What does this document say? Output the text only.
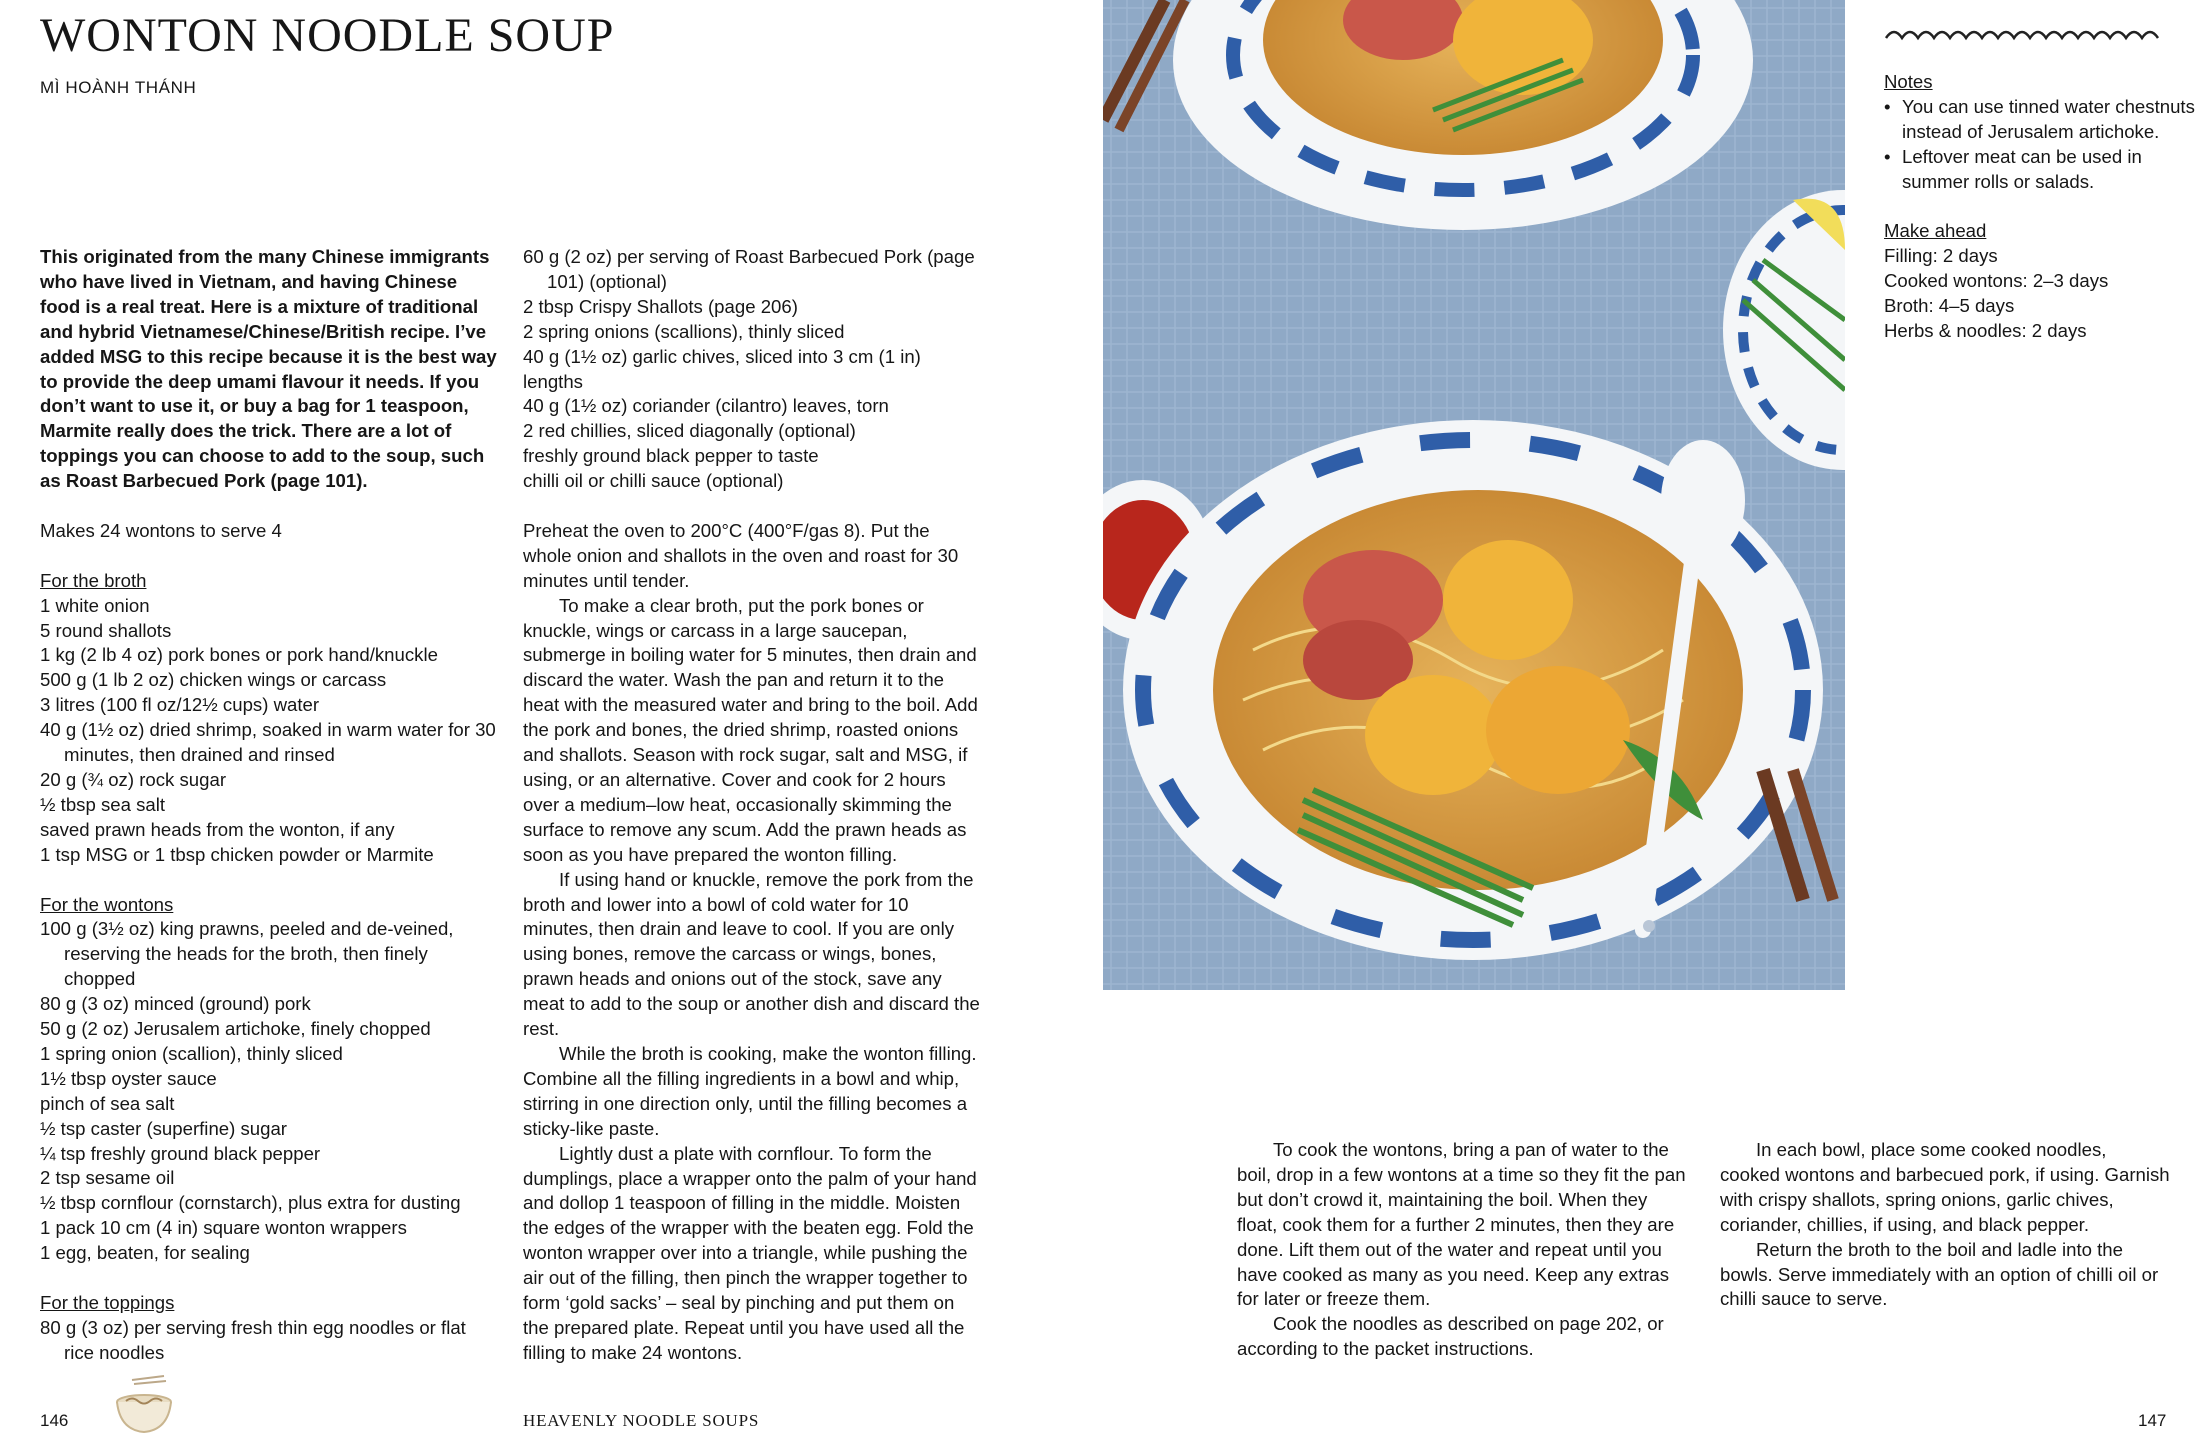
WONTON NOODLE SOUP
MÌ HOÀNH THÁNH

This originated from the many Chinese immigrants who have lived in Vietnam, and having Chinese food is a real treat. Here is a mixture of traditional and hybrid Vietnamese/Chinese/British recipe. I’ve added MSG to this recipe because it is the best way to provide the deep umami flavour it needs. If you don’t want to use it, or buy a bag for 1 teaspoon, Marmite really does the trick. There are a lot of toppings you can choose to add to the soup, such as Roast Barbecued Pork (page 101).

Makes 24 wontons to serve 4

For the broth

1 white onion

5 round shallots

1 kg (2 lb 4 oz) pork bones or pork hand/knuckle

500 g (1 lb 2 oz) chicken wings or carcass

3 litres (100 fl oz/12½ cups) water

40 g (1½ oz) dried shrimp, soaked in warm water for 30 minutes, then drained and rinsed

20 g (¾ oz) rock sugar

½ tbsp sea salt

saved prawn heads from the wonton, if any

1 tsp MSG or 1 tbsp chicken powder or Marmite

For the wontons

100 g (3½ oz) king prawns, peeled and de-veined, reserving the heads for the broth, then finely chopped

80 g (3 oz) minced (ground) pork

50 g (2 oz) Jerusalem artichoke, finely chopped

1 spring onion (scallion), thinly sliced

1½ tbsp oyster sauce

pinch of sea salt

½ tsp caster (superfine) sugar

¼ tsp freshly ground black pepper

2 tsp sesame oil

½ tbsp cornflour (cornstarch), plus extra for dusting

1 pack 10 cm (4 in) square wonton wrappers

1 egg, beaten, for sealing

For the toppings

80 g (3 oz) per serving fresh thin egg noodles or flat rice noodles

60 g (2 oz) per serving of Roast Barbecued Pork (page 101) (optional)

2 tbsp Crispy Shallots (page 206)

2 spring onions (scallions), thinly sliced

40 g (1½ oz) garlic chives, sliced into 3 cm (1 in) lengths

40 g (1½ oz) coriander (cilantro) leaves, torn

2 red chillies, sliced diagonally (optional)

freshly ground black pepper to taste

chilli oil or chilli sauce (optional)

Preheat the oven to 200°C (400°F/gas 8). Put the whole onion and shallots in the oven and roast for 30 minutes until tender.

To make a clear broth, put the pork bones or knuckle, wings or carcass in a large saucepan, submerge in boiling water for 5 minutes, then drain and discard the water. Wash the pan and return it to the heat with the measured water and bring to the boil. Add the pork and bones, the dried shrimp, roasted onions and shallots. Season with rock sugar, salt and MSG, if using, or an alternative. Cover and cook for 2 hours over a medium–low heat, occasionally skimming the surface to remove any scum. Add the prawn heads as soon as you have prepared the wonton filling.

If using hand or knuckle, remove the pork from the broth and lower into a bowl of cold water for 10 minutes, then drain and leave to cool. If you are only using bones, remove the carcass or wings, bones, prawn heads and onions out of the stock, save any meat to add to the soup or another dish and discard the rest.

While the broth is cooking, make the wonton filling. Combine all the filling ingredients in a bowl and whip, stirring in one direction only, until the filling becomes a sticky-like paste.

Lightly dust a plate with cornflour. To form the dumplings, place a wrapper onto the palm of your hand and dollop 1 teaspoon of filling in the middle. Moisten the edges of the wrapper with the beaten egg. Fold the wonton wrapper over into a triangle, while pushing the air out of the filling, then pinch the wrapper together to form ‘gold sacks’ – seal by pinching and put them on the prepared plate. Repeat until you have used all the filling to make 24 wontons.

146	HEAVENLY NOODLE SOUPS

Notes

• You can use tinned water chestnuts instead of Jerusalem artichoke.

• Leftover meat can be used in summer rolls or salads.

Make ahead

Filling: 2 days

Cooked wontons: 2–3 days

Broth: 4–5 days

Herbs & noodles: 2 days

To cook the wontons, bring a pan of water to the boil, drop in a few wontons at a time so they fit the pan but don’t crowd it, maintaining the boil. When they float, cook them for a further 2 minutes, then they are done. Lift them out of the water and repeat until you have cooked as many as you need. Keep any extras for later or freeze them.

Cook the noodles as described on page 202, or according to the packet instructions.

In each bowl, place some cooked noodles, cooked wontons and barbecued pork, if using. Garnish with crispy shallots, spring onions, garlic chives, coriander, chillies, if using, and black pepper.

Return the broth to the boil and ladle into the bowls. Serve immediately with an option of chilli oil or chilli sauce to serve.

147
